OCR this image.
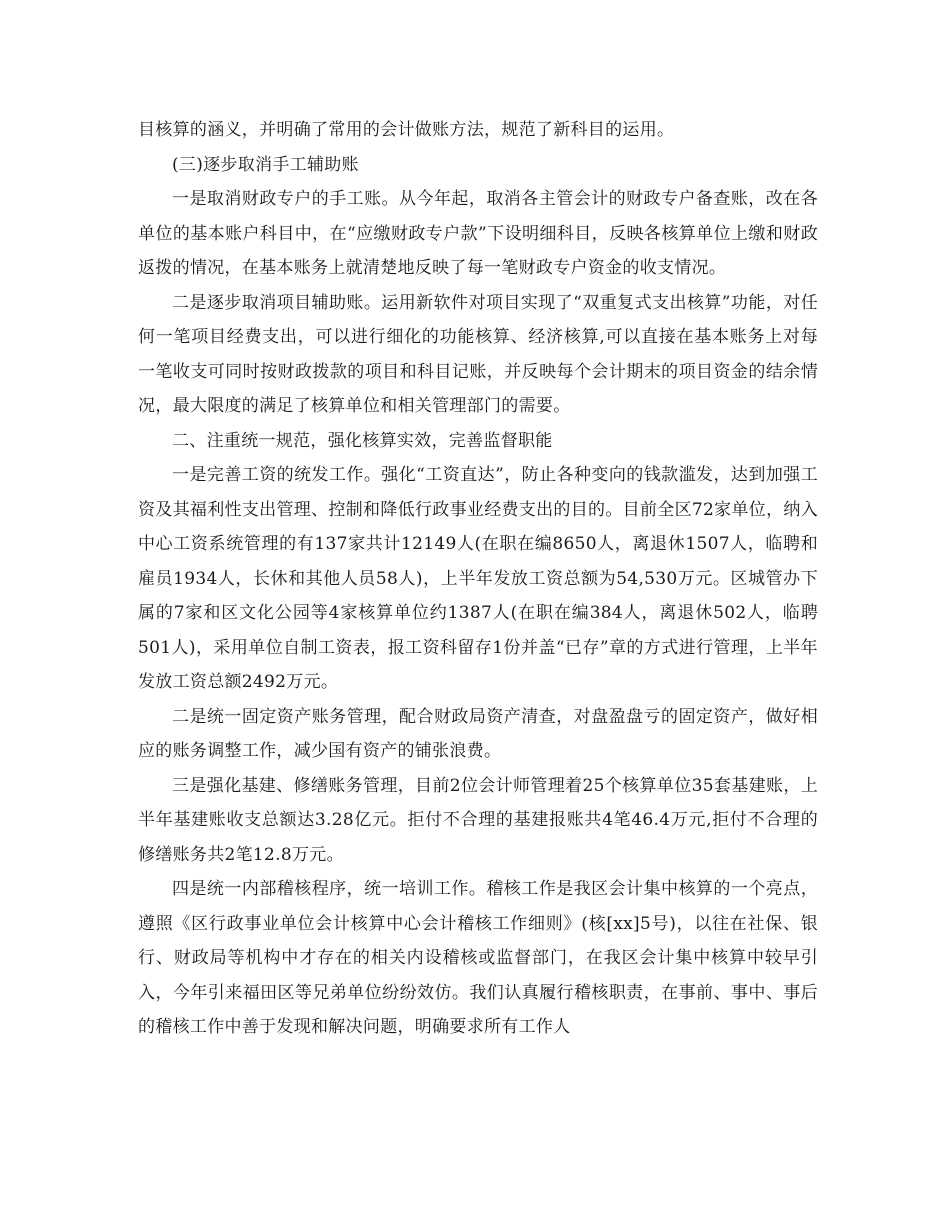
目核算的涵义，并明确了常用的会计做账方法，规范了新科目的运用。

(三)逐步取消手工辅助账

一是取消财政专户的手工账。从今年起，取消各主管会计的财政专户备查账，改在各单位的基本账户科目中，在“应缴财政专户款”下设明细科目，反映各核算单位上缴和财政返拨的情况，在基本账务上就清楚地反映了每一笔财政专户资金的收支情况。

二是逐步取消项目辅助账。运用新软件对项目实现了“双重复式支出核算”功能，对任何一笔项目经费支出，可以进行细化的功能核算、经济核算,可以直接在基本账务上对每一笔收支可同时按财政拨款的项目和科目记账，并反映每个会计期末的项目资金的结余情况，最大限度的满足了核算单位和相关管理部门的需要。

二、注重统一规范，强化核算实效，完善监督职能

一是完善工资的统发工作。强化“工资直达”，防止各种变向的钱款滥发，达到加强工资及其福利性支出管理、控制和降低行政事业经费支出的目的。目前全区72家单位，纳入中心工资系统管理的有137家共计12149人(在职在编8650人，离退休1507人，临聘和雇员1934人，长休和其他人员58人)，上半年发放工资总额为54,530万元。区城管办下属的7家和区文化公园等4家核算单位约1387人(在职在编384人，离退休502人，临聘501人)，采用单位自制工资表，报工资科留存1份并盖“已存”章的方式进行管理，上半年发放工资总额2492万元。

二是统一固定资产账务管理，配合财政局资产清查，对盘盈盘亏的固定资产，做好相应的账务调整工作，减少国有资产的铺张浪费。

三是强化基建、修缮账务管理，目前2位会计师管理着25个核算单位35套基建账，上半年基建账收支总额达3.28亿元。拒付不合理的基建报账共4笔46.4万元,拒付不合理的修缮账务共2笔12.8万元。

四是统一内部稽核程序，统一培训工作。稽核工作是我区会计集中核算的一个亮点，遵照《区行政事业单位会计核算中心会计稽核工作细则》(核[xx]5号)，以往在社保、银行、财政局等机构中才存在的相关内设稽核或监督部门，在我区会计集中核算中较早引入，今年引来福田区等兄弟单位纷纷效仿。我们认真履行稽核职责，在事前、事中、事后的稽核工作中善于发现和解决问题，明确要求所有工作人
